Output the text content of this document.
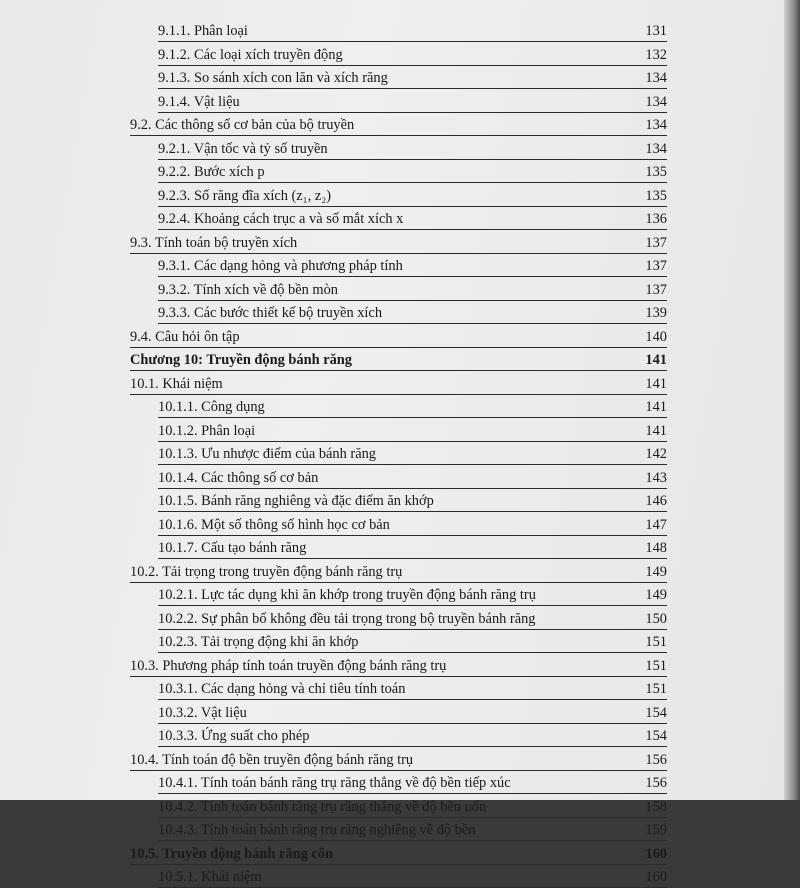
9.1.1. Phân loại	131
9.1.2. Các loại xích truyền động	132
9.1.3. So sánh xích con lăn và xích răng	134
9.1.4. Vật liệu	134
9.2. Các thông số cơ bản của bộ truyền	134
9.2.1. Vận tốc và tỷ số truyền	134
9.2.2. Bước xích p	135
9.2.3. Số răng đĩa xích (z₁, z₂)	135
9.2.4. Khoảng cách trục a và số mắt xích x	136
9.3. Tính toán bộ truyền xích	137
9.3.1. Các dạng hỏng và phương pháp tính	137
9.3.2. Tính xích về độ bền mòn	137
9.3.3. Các bước thiết kế bộ truyền xích	139
9.4. Câu hỏi ôn tập	140
Chương 10: Truyền động bánh răng	141
10.1. Khái niệm	141
10.1.1. Công dụng	141
10.1.2. Phân loại	141
10.1.3. Ưu nhược điểm của bánh răng	142
10.1.4. Các thông số cơ bản	143
10.1.5. Bánh răng nghiêng và đặc điểm ăn khớp	146
10.1.6. Một số thông số hình học cơ bản	147
10.1.7. Cấu tạo bánh răng	148
10.2. Tải trọng trong truyền động bánh răng trụ	149
10.2.1. Lực tác dụng khi ăn khớp trong truyền động bánh răng trụ	149
10.2.2. Sự phân bố không đều tải trọng trong bộ truyền bánh răng	150
10.2.3. Tải trọng động khi ăn khớp	151
10.3. Phương pháp tính toán truyền động bánh răng trụ	151
10.3.1. Các dạng hỏng và chỉ tiêu tính toán	151
10.3.2. Vật liệu	154
10.3.3. Ứng suất cho phép	154
10.4. Tính toán độ bền truyền động bánh răng trụ	156
10.4.1. Tính toán bánh răng trụ răng thẳng về độ bền tiếp xúc	156
10.4.2. Tính toán bánh răng trụ răng thẳng về độ bền uốn	158
10.4.3. Tính toán bánh răng trụ răng nghiêng về độ bền	159
10.5. Truyền động bánh răng côn	160
10.5.1. Khái niệm	160
